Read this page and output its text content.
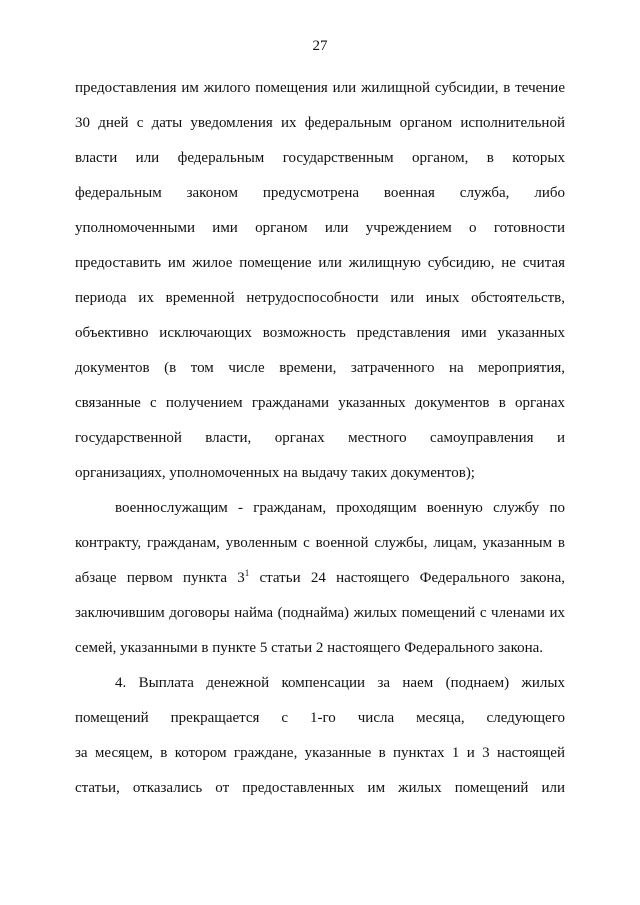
27
предоставления им жилого помещения или жилищной субсидии, в течение
30 дней с даты уведомления их федеральным органом исполнительной
власти или федеральным государственным органом, в которых
федеральным законом предусмотрена военная служба, либо
уполномоченными ими органом или учреждением о готовности
предоставить им жилое помещение или жилищную субсидию, не считая
периода их временной нетрудоспособности или иных обстоятельств,
объективно исключающих возможность представления ими указанных
документов (в том числе времени, затраченного на мероприятия,
связанные с получением гражданами указанных документов в органах
государственной власти, органах местного самоуправления и
организациях, уполномоченных на выдачу таких документов);
военнослужащим - гражданам, проходящим военную службу по
контракту, гражданам, уволенным с военной службы, лицам, указанным в
абзаце первом пункта $3^1$ статьи 24 настоящего Федерального закона,
заключившим договоры найма (поднайма) жилых помещений с членами их
семей, указанными в пункте 5 статьи 2 настоящего Федерального закона.
4. Выплата денежной компенсации за наем (поднаем) жилых
помещений прекращается с 1-го числа месяца, следующего
за месяцем, в котором граждане, указанные в пунктах 1 и 3 настоящей
статьи, отказались от предоставленных им жилых помещений или
